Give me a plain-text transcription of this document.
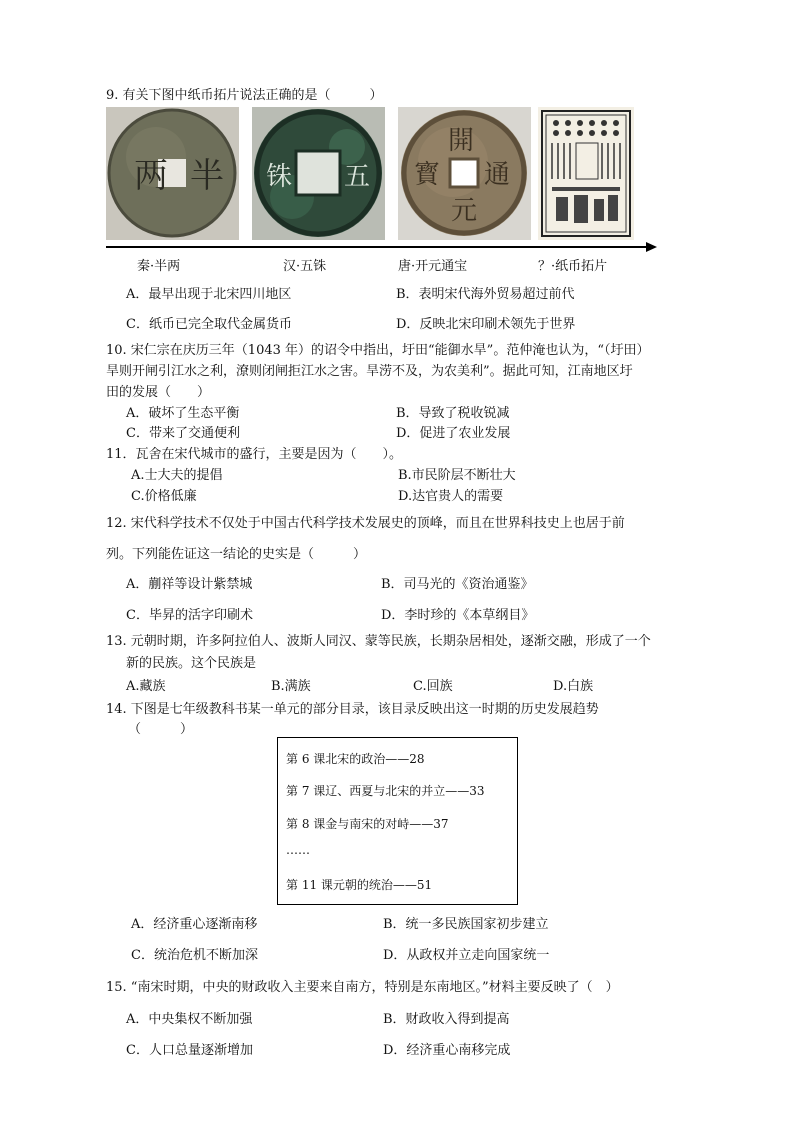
9. 有关下图中纸币拓片说法正确的是（　　　）
两 半 铢 五
開
通
元
寳
秦·半两	汉·五铢	唐·开元通宝	？·纸币拓片
A．最早出现于北宋四川地区	B．表明宋代海外贸易超过前代
C．纸币已完全取代金属货币	D．反映北宋印刷术领先于世界
10. 宋仁宗在庆历三年（1043 年）的诏令中指出，圩田“能御水旱”。范仲淹也认为，“（圩田）
旱则开闸引江水之利，潦则闭闸拒江水之害。旱涝不及，为农美利”。据此可知，江南地区圩
田的发展（　　）
A．破坏了生态平衡	B．导致了税收锐减
C．带来了交通便利	D．促进了农业发展
11．瓦舍在宋代城市的盛行，主要是因为（　　）。
A.士大夫的提倡	B.市民阶层不断壮大
C.价格低廉	D.达官贵人的需要
12. 宋代科学技术不仅处于中国古代科学技术发展史的顶峰，而且在世界科技史上也居于前
列。下列能佐证这一结论的史实是（　　　）
A．蒯祥等设计紫禁城	B．司马光的《资治通鉴》
C．毕昇的活字印刷术	D．李时珍的《本草纲目》
13. 元朝时期，许多阿拉伯人、波斯人同汉、蒙等民族，长期杂居相处，逐渐交融，形成了一个
新的民族。这个民族是
A.藏族	B.满族	C.回族	D.白族
14. 下图是七年级教科书某一单元的部分目录，该目录反映出这一时期的历史发展趋势
（　　　）
第 6 课北宋的政治——28
第 7 课辽、西夏与北宋的并立——33
第 8 课金与南宋的对峙——37
……
第 11 课元朝的统治——51
A．经济重心逐渐南移	B．统一多民族国家初步建立
C．统治危机不断加深	D．从政权并立走向国家统一
15. “南宋时期，中央的财政收入主要来自南方，特别是东南地区。”材料主要反映了（　）
A．中央集权不断加强	B．财政收入得到提高
C．人口总量逐渐增加	D．经济重心南移完成
